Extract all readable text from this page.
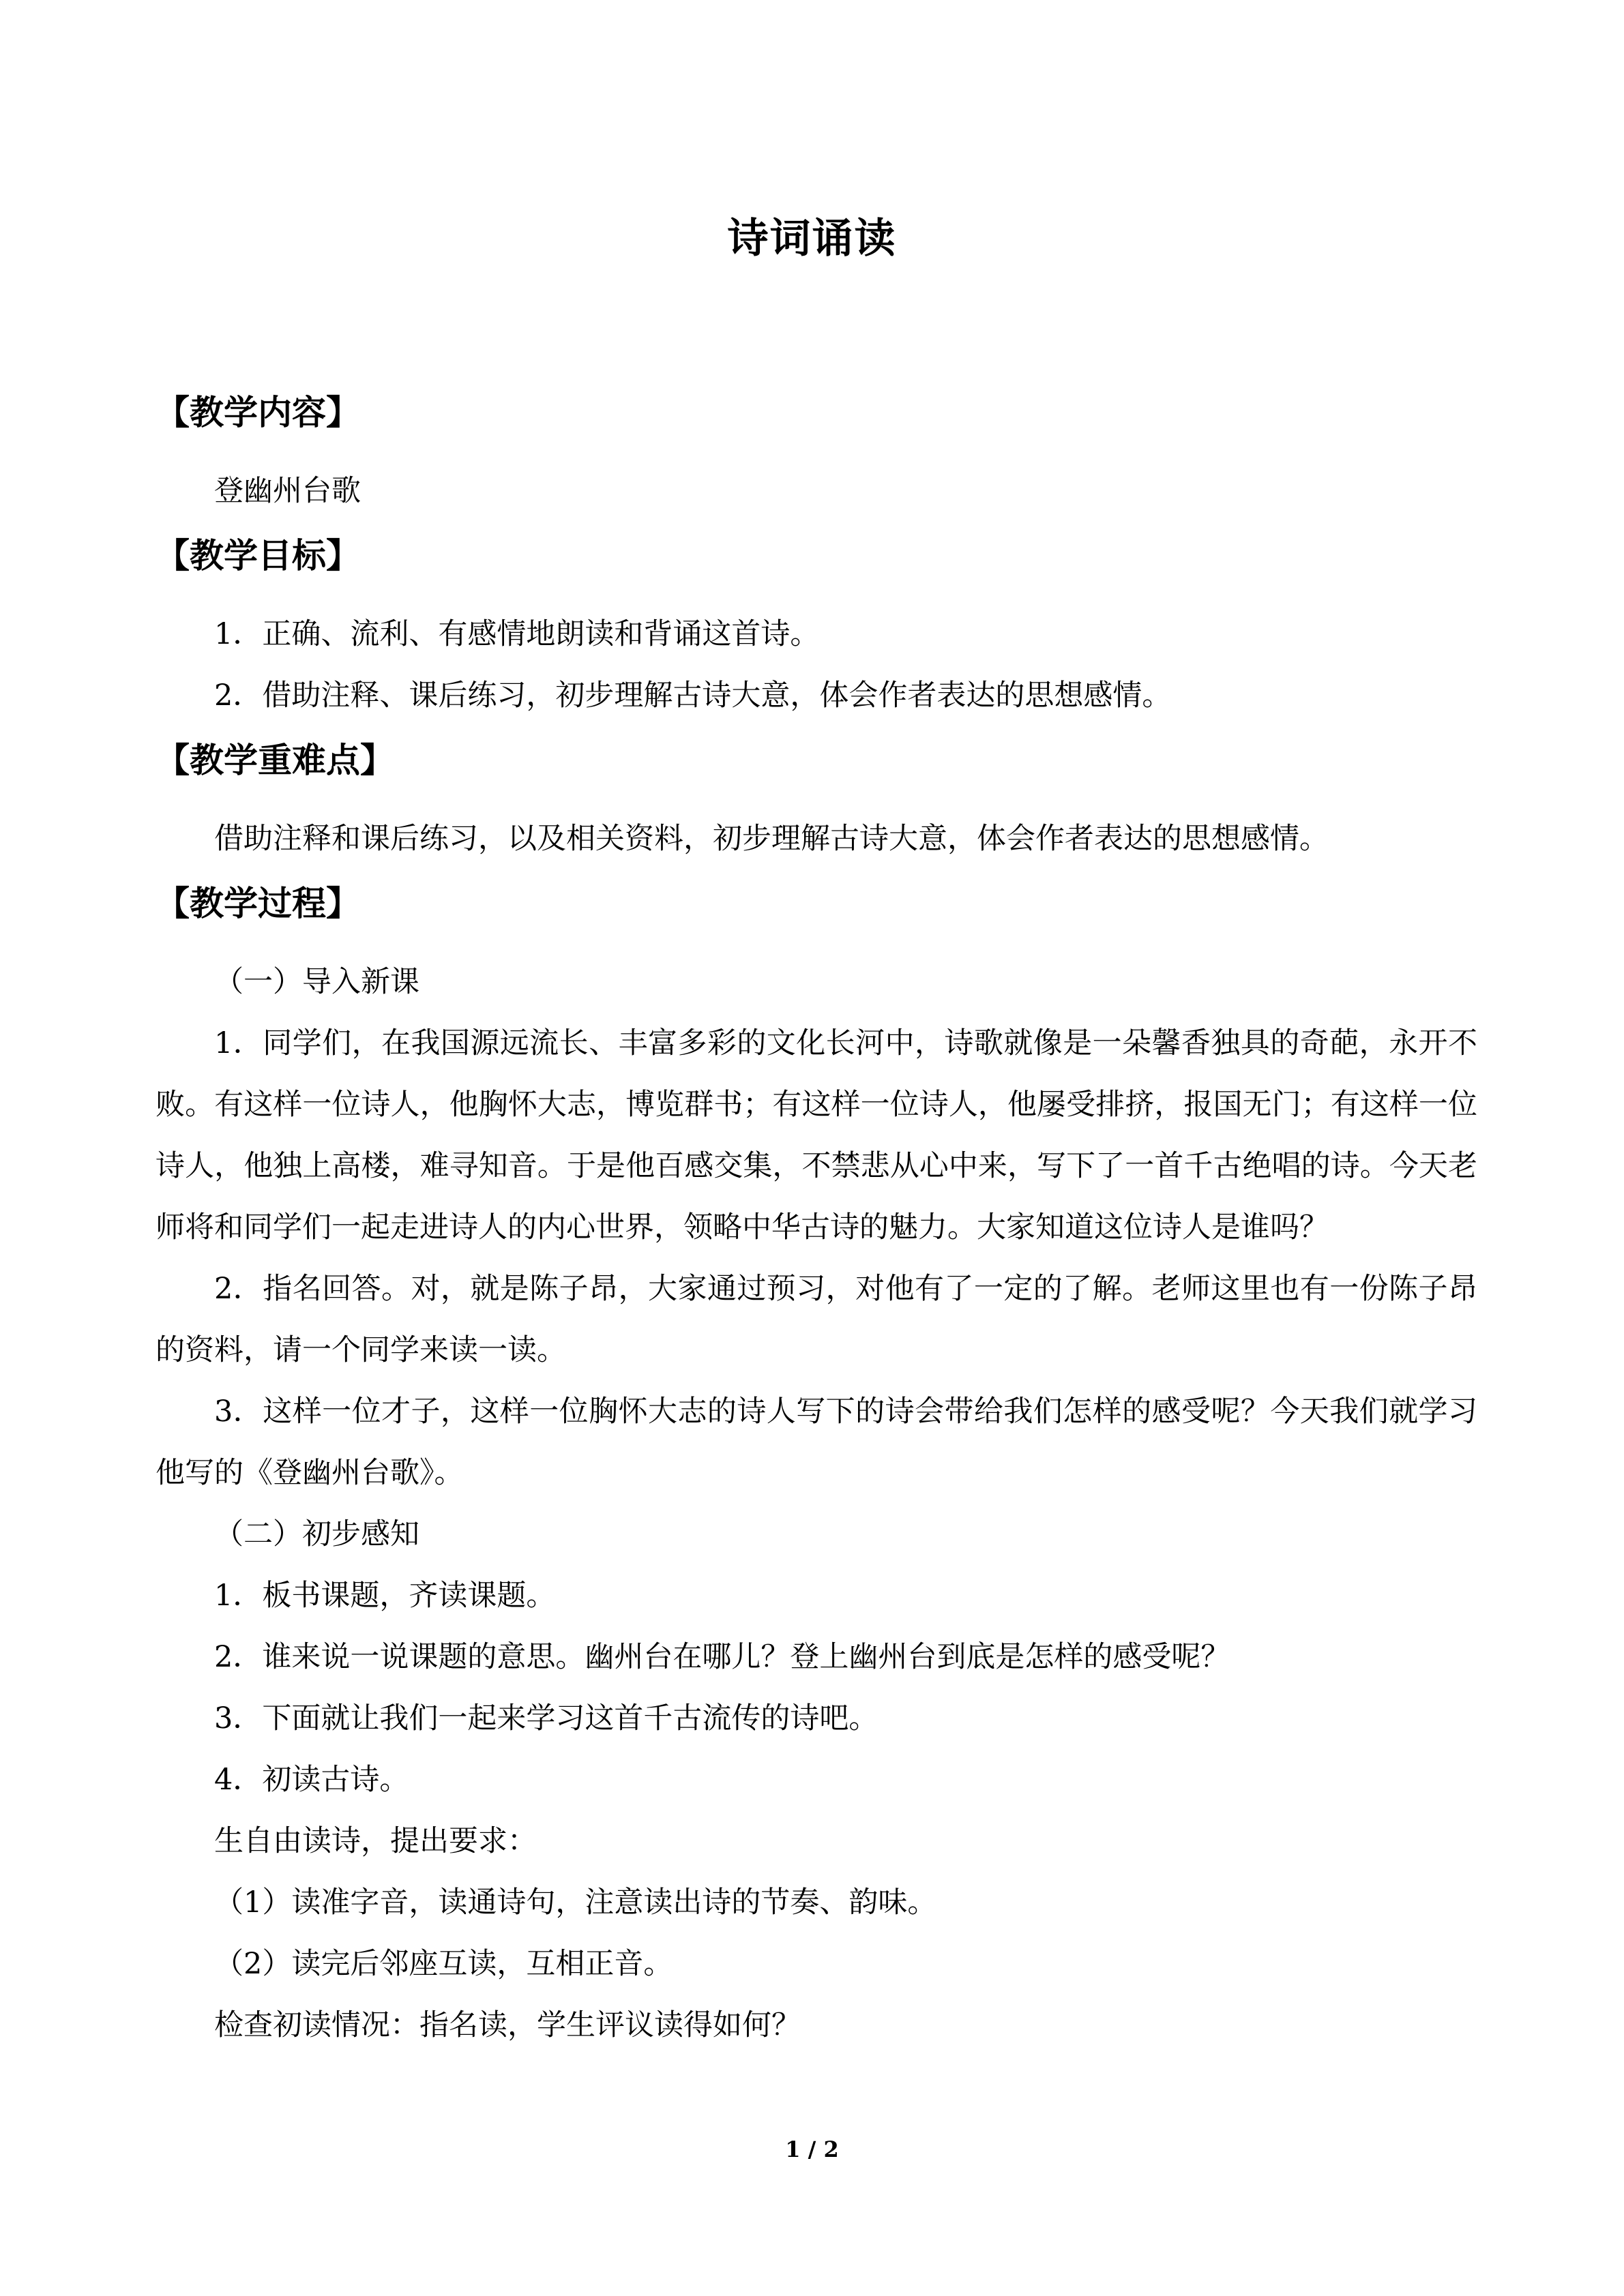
诗词诵读
【教学内容】

登幽州台歌

【教学目标】

1．正确、流利、有感情地朗读和背诵这首诗。

2．借助注释、课后练习，初步理解古诗大意，体会作者表达的思想感情。

【教学重难点】

借助注释和课后练习，以及相关资料，初步理解古诗大意，体会作者表达的思想感情。

【教学过程】

（一）导入新课

1．同学们，在我国源远流长、丰富多彩的文化长河中，诗歌就像是一朵馨香独具的奇葩，永开不败。有这样一位诗人，他胸怀大志，博览群书；有这样一位诗人，他屡受排挤，报国无门；有这样一位诗人，他独上高楼，难寻知音。于是他百感交集，不禁悲从心中来，写下了一首千古绝唱的诗。今天老师将和同学们一起走进诗人的内心世界，领略中华古诗的魅力。大家知道这位诗人是谁吗？

2．指名回答。对，就是陈子昂，大家通过预习，对他有了一定的了解。老师这里也有一份陈子昂的资料，请一个同学来读一读。

3．这样一位才子，这样一位胸怀大志的诗人写下的诗会带给我们怎样的感受呢？今天我们就学习他写的《登幽州台歌》。

（二）初步感知

1．板书课题，齐读课题。

2．谁来说一说课题的意思。幽州台在哪儿？登上幽州台到底是怎样的感受呢？

3．下面就让我们一起来学习这首千古流传的诗吧。

4．初读古诗。

生自由读诗，提出要求：

（1）读准字音，读通诗句，注意读出诗的节奏、韵味。

（2）读完后邻座互读，互相正音。

检查初读情况：指名读，学生评议读得如何？

1 / 2
